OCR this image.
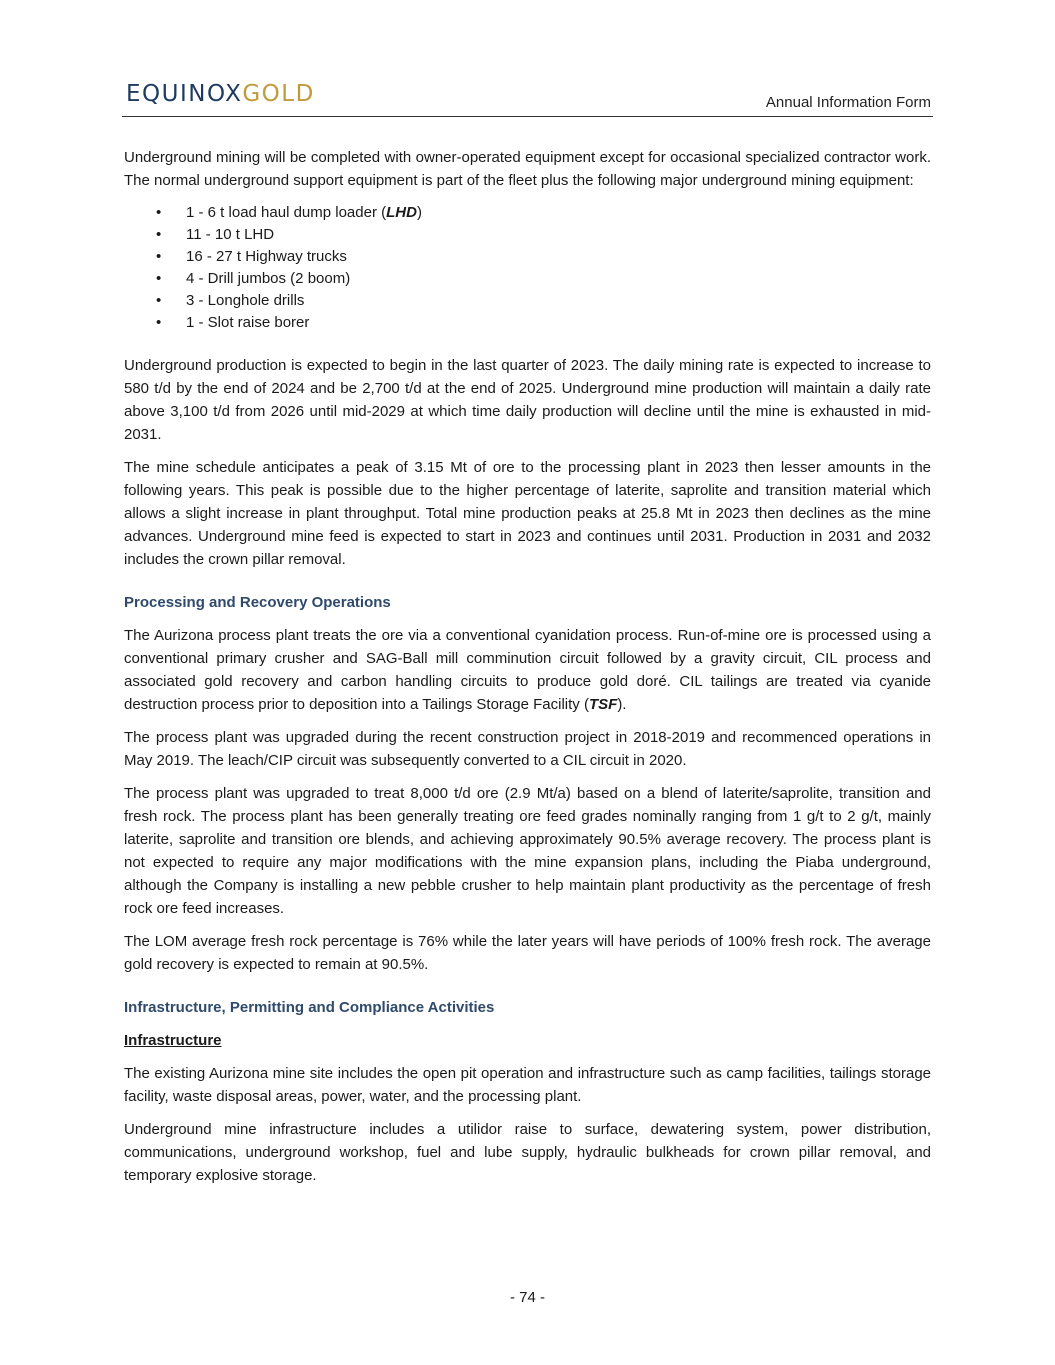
EQUINOXGOLD	Annual Information Form

Underground mining will be completed with owner-operated equipment except for occasional specialized contractor work. The normal underground support equipment is part of the fleet plus the following major underground mining equipment:

• 1 - 6 t load haul dump loader (LHD)
• 11 - 10 t LHD
• 16 - 27 t Highway trucks
• 4 - Drill jumbos (2 boom)
• 3 - Longhole drills
• 1 - Slot raise borer

Underground production is expected to begin in the last quarter of 2023. The daily mining rate is expected to increase to 580 t/d by the end of 2024 and be 2,700 t/d at the end of 2025. Underground mine production will maintain a daily rate above 3,100 t/d from 2026 until mid-2029 at which time daily production will decline until the mine is exhausted in mid-2031.

The mine schedule anticipates a peak of 3.15 Mt of ore to the processing plant in 2023 then lesser amounts in the following years. This peak is possible due to the higher percentage of laterite, saprolite and transition material which allows a slight increase in plant throughput. Total mine production peaks at 25.8 Mt in 2023 then declines as the mine advances. Underground mine feed is expected to start in 2023 and continues until 2031. Production in 2031 and 2032 includes the crown pillar removal.

Processing and Recovery Operations

The Aurizona process plant treats the ore via a conventional cyanidation process. Run-of-mine ore is processed using a conventional primary crusher and SAG-Ball mill comminution circuit followed by a gravity circuit, CIL process and associated gold recovery and carbon handling circuits to produce gold doré. CIL tailings are treated via cyanide destruction process prior to deposition into a Tailings Storage Facility (TSF).

The process plant was upgraded during the recent construction project in 2018-2019 and recommenced operations in May 2019. The leach/CIP circuit was subsequently converted to a CIL circuit in 2020.

The process plant was upgraded to treat 8,000 t/d ore (2.9 Mt/a) based on a blend of laterite/saprolite, transition and fresh rock. The process plant has been generally treating ore feed grades nominally ranging from 1 g/t to 2 g/t, mainly laterite, saprolite and transition ore blends, and achieving approximately 90.5% average recovery. The process plant is not expected to require any major modifications with the mine expansion plans, including the Piaba underground, although the Company is installing a new pebble crusher to help maintain plant productivity as the percentage of fresh rock ore feed increases.

The LOM average fresh rock percentage is 76% while the later years will have periods of 100% fresh rock. The average gold recovery is expected to remain at 90.5%.

Infrastructure, Permitting and Compliance Activities
Infrastructure

The existing Aurizona mine site includes the open pit operation and infrastructure such as camp facilities, tailings storage facility, waste disposal areas, power, water, and the processing plant.

Underground mine infrastructure includes a utilidor raise to surface, dewatering system, power distribution, communications, underground workshop, fuel and lube supply, hydraulic bulkheads for crown pillar removal, and temporary explosive storage.

- 74 -
